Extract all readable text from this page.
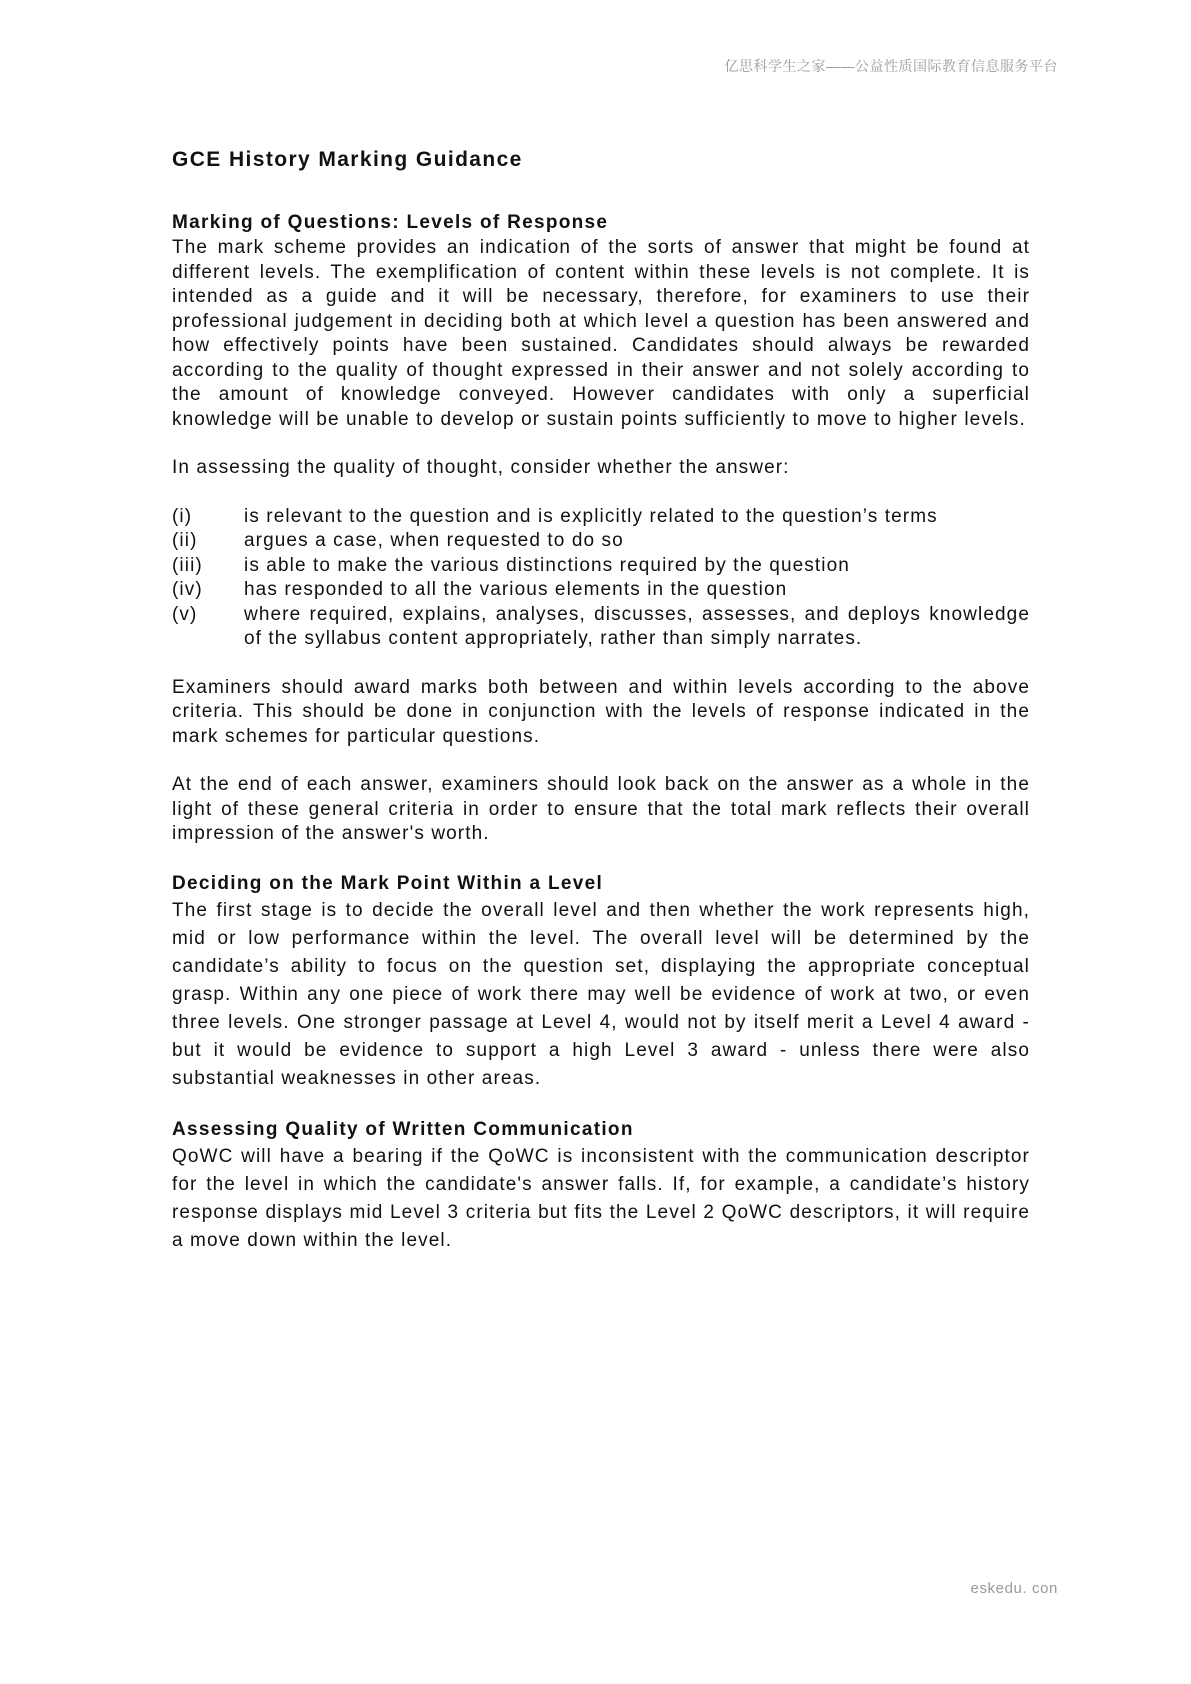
亿思科学生之家——公益性质国际教育信息服务平台
GCE History Marking Guidance
Marking of Questions: Levels of Response

The mark scheme provides an indication of the sorts of answer that might be found at different levels. The exemplification of content within these levels is not complete. It is intended as a guide and it will be necessary, therefore, for examiners to use their professional judgement in deciding both at which level a question has been answered and how effectively points have been sustained. Candidates should always be rewarded according to the quality of thought expressed in their answer and not solely according to the amount of knowledge conveyed. However candidates with only a superficial knowledge will be unable to develop or sustain points sufficiently to move to higher levels.

In assessing the quality of thought, consider whether the answer:

(i)	is relevant to the question and is explicitly related to the question’s terms
(ii)	argues a case, when requested to do so
(iii)	is able to make the various distinctions required by the question
(iv)	has responded to all the various elements in the question
(v)	where required, explains, analyses, discusses, assesses, and deploys knowledge of the syllabus content appropriately, rather than simply narrates.

Examiners should award marks both between and within levels according to the above criteria. This should be done in conjunction with the levels of response indicated in the mark schemes for particular questions.

At the end of each answer, examiners should look back on the answer as a whole in the light of these general criteria in order to ensure that the total mark reflects their overall impression of the answer's worth.

Deciding on the Mark Point Within a Level

The first stage is to decide the overall level and then whether the work represents high, mid or low performance within the level. The overall level will be determined by the candidate’s ability to focus on the question set, displaying the appropriate conceptual grasp. Within any one piece of work there may well be evidence of work at two, or even three levels. One stronger passage at Level 4, would not by itself merit a Level 4 award - but it would be evidence to support a high Level 3 award - unless there were also substantial weaknesses in other areas.

Assessing Quality of Written Communication

QoWC will have a bearing if the QoWC is inconsistent with the communication descriptor for the level in which the candidate's answer falls. If, for example, a candidate’s history response displays mid Level 3 criteria but fits the Level 2 QoWC descriptors, it will require a move down within the level.

eskedu. con
